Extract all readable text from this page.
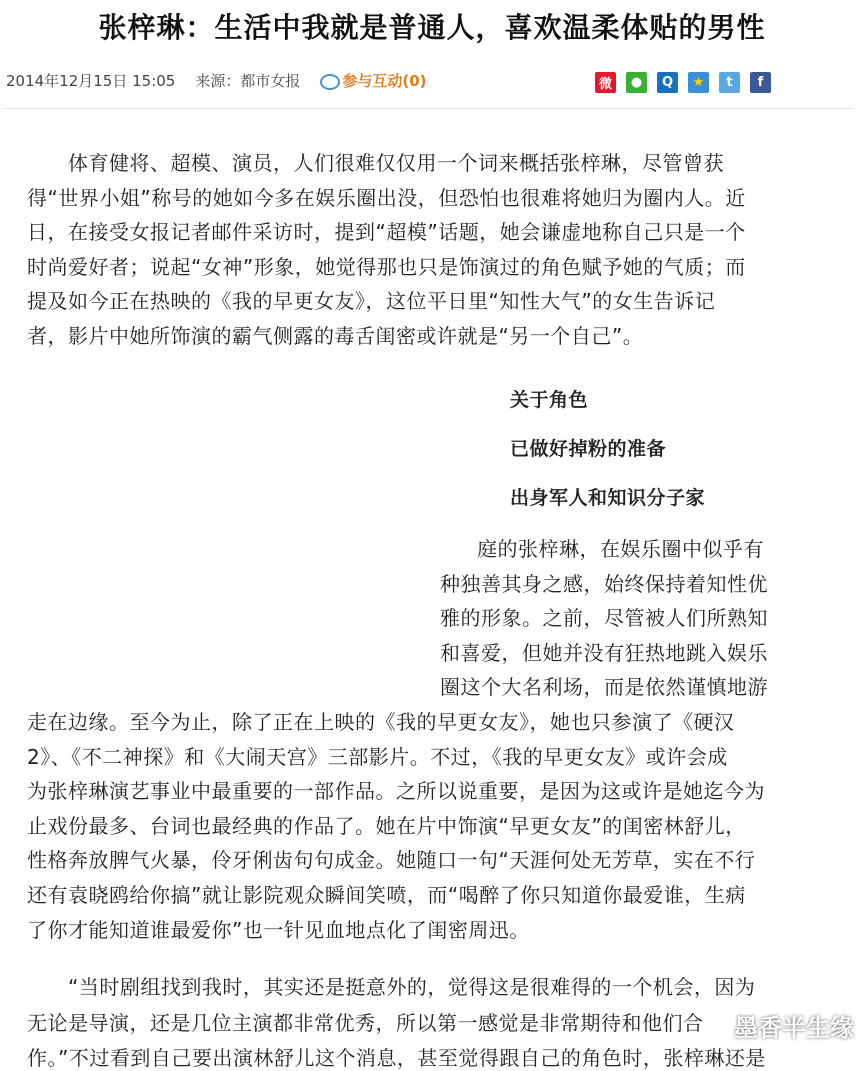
张梓琳：生活中我就是普通人，喜欢温柔体贴的男性
2014年12月15日 15:05 来源：都市女报	参与互动(0)	微	●	Q	★	t	f
体育健将、超模、演员，人们很难仅仅用一个词来概括张梓琳，尽管曾获
得“世界小姐”称号的她如今多在娱乐圈出没，但恐怕也很难将她归为圈内人。近
日，在接受女报记者邮件采访时，提到“超模”话题，她会谦虚地称自己只是一个
时尚爱好者；说起“女神”形象，她觉得那也只是饰演过的角色赋予她的气质；而
提及如今正在热映的《我的早更女友》，这位平日里“知性大气”的女生告诉记
者，影片中她所饰演的霸气侧露的毒舌闺密或许就是“另一个自己”。
关于角色
已做好掉粉的准备
出身军人和知识分子家
庭的张梓琳，在娱乐圈中似乎有
种独善其身之感，始终保持着知性优
雅的形象。之前，尽管被人们所熟知
和喜爱，但她并没有狂热地跳入娱乐
圈这个大名利场，而是依然谨慎地游
走在边缘。至今为止，除了正在上映的《我的早更女友》，她也只参演了《硬汉
2》、《不二神探》和《大闹天宫》三部影片。不过，《我的早更女友》或许会成
为张梓琳演艺事业中最重要的一部作品。之所以说重要，是因为这或许是她迄今为
止戏份最多、台词也最经典的作品了。她在片中饰演“早更女友”的闺密林舒儿，
性格奔放脾气火暴，伶牙俐齿句句成金。她随口一句“天涯何处无芳草，实在不行
还有袁晓鸥给你搞”就让影院观众瞬间笑喷，而“喝醉了你只知道你最爱谁，生病
了你才能知道谁最爱你”也一针见血地点化了闺密周迅。
“当时剧组找到我时，其实还是挺意外的，觉得这是很难得的一个机会，因为
无论是导演，还是几位主演都非常优秀，所以第一感觉是非常期待和他们合
作。”不过看到自己要出演林舒儿这个消息，甚至觉得跟自己的角色时，张梓琳还是
墨香半生缘
